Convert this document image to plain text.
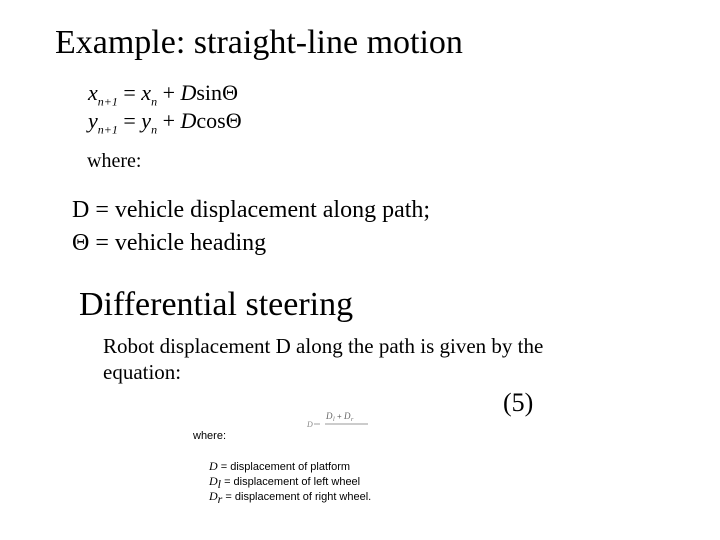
Example: straight-line motion
$x_{n+1} = x_n + Dsin\Theta$
$y_{n+1} = y_n + Dcos\Theta$
where:
D = vehicle displacement along path;
Θ = vehicle heading
Differential steering
Robot displacement D along the path is given by the
equation:
(5)
D
D l + D r
where:
D = displacement of platform
$D_l$ = displacement of left wheel
$D_r$ = displacement of right wheel.
